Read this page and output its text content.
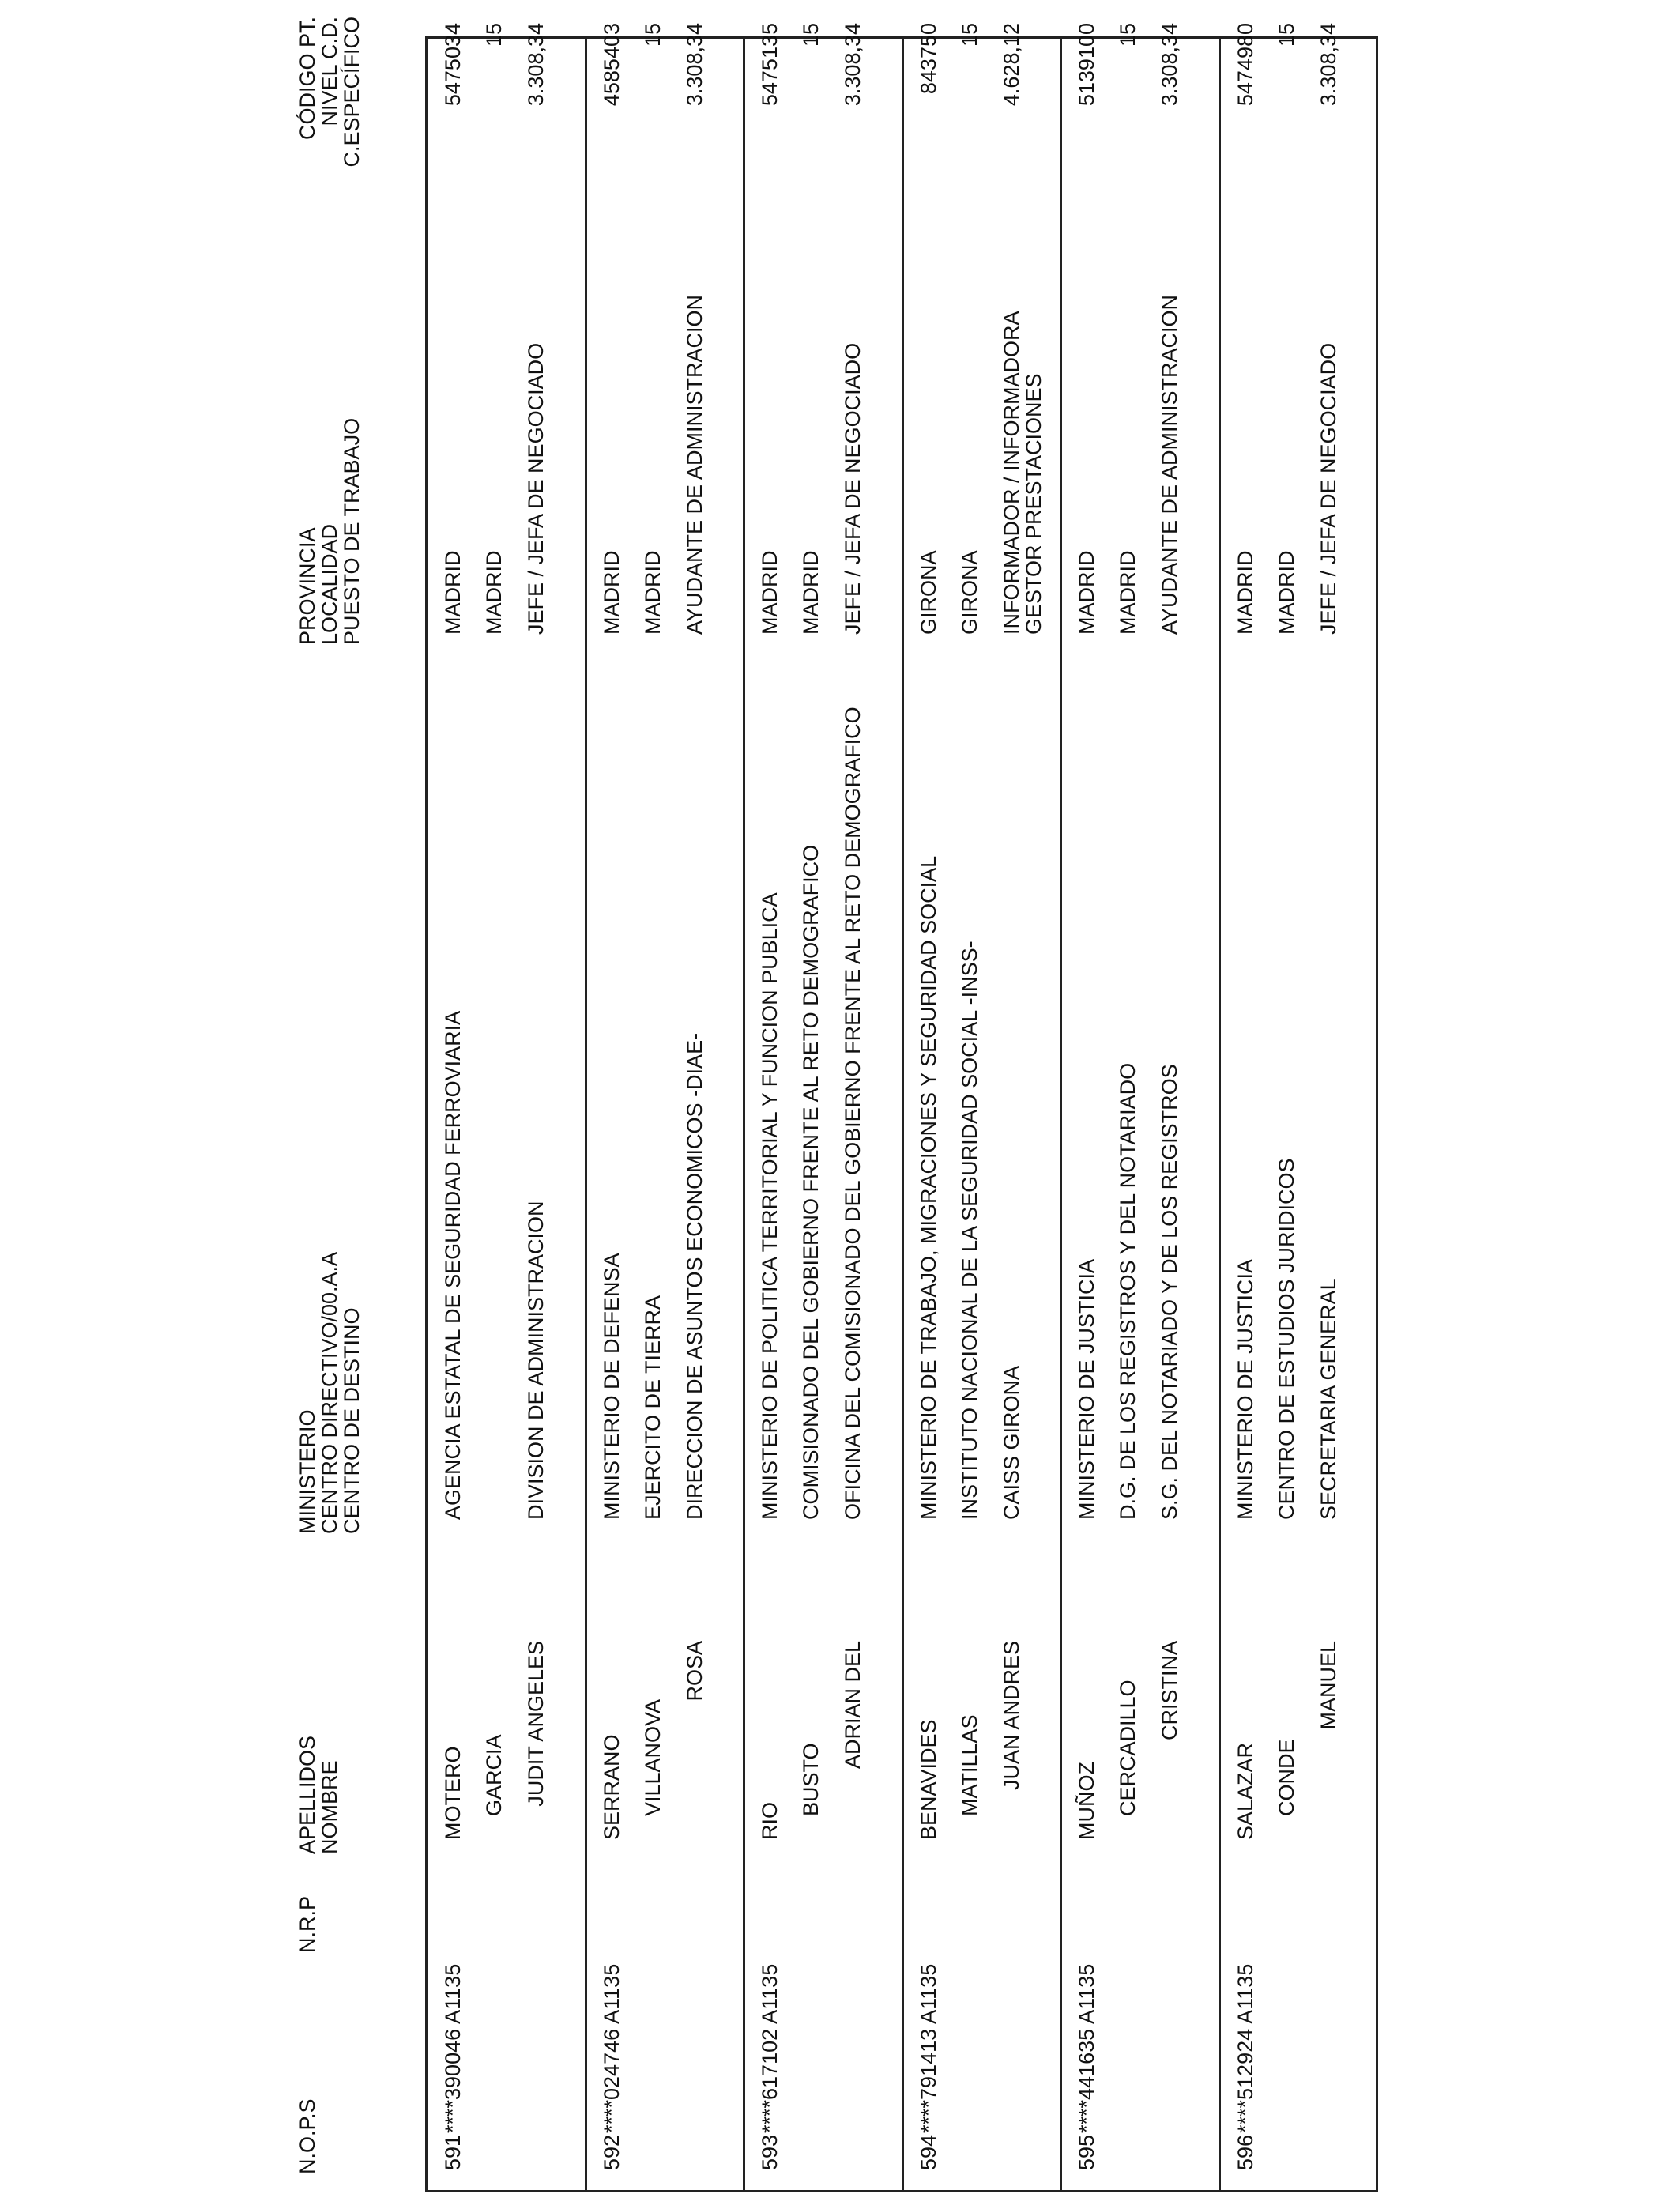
N.O.P.S
N.R.P
APELLIDOS
NOMBRE
MINISTERIO
CENTRO DIRECTIVO/00.A.A
CENTRO DE DESTINO
PROVINCIA
LOCALIDAD
PUESTO DE TRABAJO
CÓDIGO PT.
NIVEL C.D.
C.ESPECÍFICO
591
****390046 A1135
MOTERO GARCIA JUDIT ANGELES
AGENCIA ESTATAL DE SEGURIDAD FERROVIARIA	DIVISION DE ADMINISTRACION
MADRID MADRID JEFE / JEFA DE NEGOCIADO
5475034 15 3.308,34
592
****024746 A1135
SERRANO VILLANOVA
ROSA
MINISTERIO DE DEFENSA EJERCITO DE TIERRA DIRECCION DE ASUNTOS ECONOMICOS -DIAE-
MADRID MADRID AYUDANTE DE ADMINISTRACION
4585403 15 3.308,34
593
****617102 A1135
RIO
BUSTO
ADRIAN DEL
MINISTERIO DE POLITICA TERRITORIAL Y FUNCION PUBLICA COMISIONADO DEL GOBIERNO FRENTE AL RETO DEMOGRAFICO OFICINA DEL COMISIONADO DEL GOBIERNO FRENTE AL RETO DEMOGRAFICO
MADRID MADRID JEFE / JEFA DE NEGOCIADO
5475135 15 3.308,34
594
****791413 A1135
BENAVIDES MATILLAS JUAN ANDRES
MINISTERIO DE TRABAJO, MIGRACIONES Y SEGURIDAD SOCIAL INSTITUTO NACIONAL DE LA SEGURIDAD SOCIAL -INSS- CAISS GIRONA
GIRONA GIRONA INFORMADOR / INFORMADORA GESTOR PRESTACIONES
843750 15 4.628,12
595
****441635 A1135
MUÑOZ CERCADILLO CRISTINA
MINISTERIO DE JUSTICIA D.G. DE LOS REGISTROS Y DEL NOTARIADO S.G. DEL NOTARIADO Y DE LOS REGISTROS
MADRID MADRID AYUDANTE DE ADMINISTRACION
5139100 15 3.308,34
596
****512924 A1135
SALAZAR CONDE
MANUEL
MINISTERIO DE JUSTICIA CENTRO DE ESTUDIOS JURIDICOS SECRETARIA GENERAL
MADRID MADRID JEFE / JEFA DE NEGOCIADO
5474980 15 3.308,34
